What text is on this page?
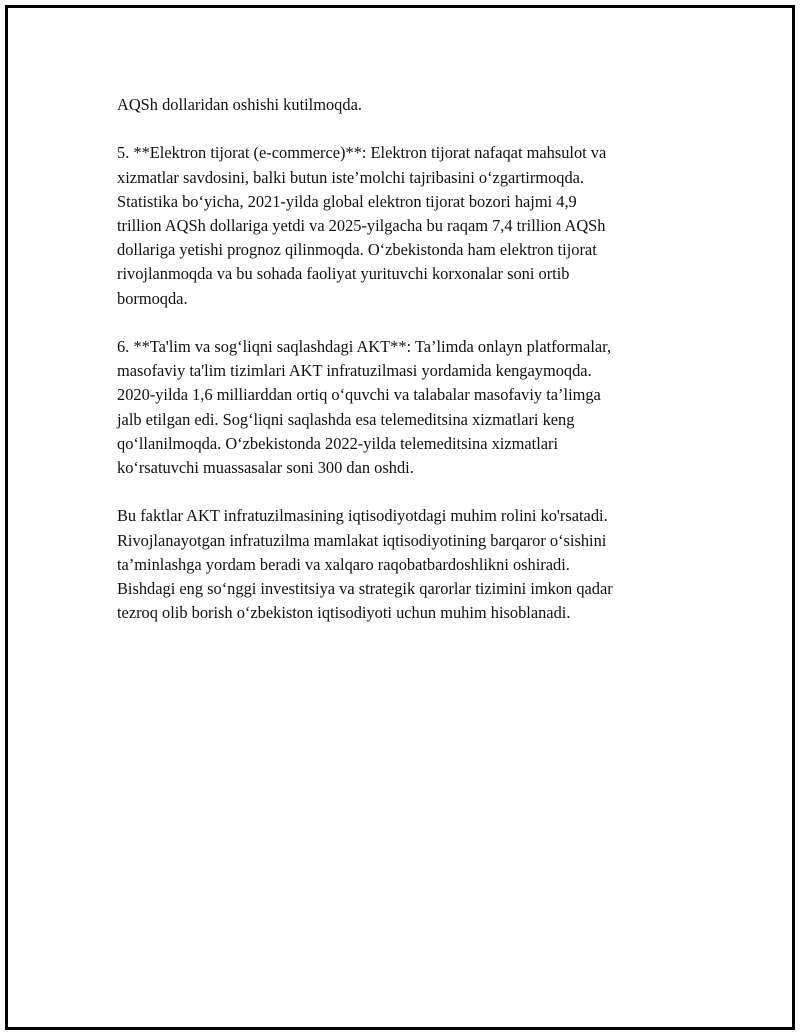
AQSh dollaridan oshishi kutilmoqda.

5. **Elektron tijorat (e-commerce)**: Elektron tijorat nafaqat mahsulot va
xizmatlar savdosini, balki butun iste’molchi tajribasini o‘zgartirmoqda.
Statistika bo‘yicha, 2021-yilda global elektron tijorat bozori hajmi 4,9
trillion AQSh dollariga yetdi va 2025-yilgacha bu raqam 7,4 trillion AQSh
dollariga yetishi prognoz qilinmoqda. O‘zbekistonda ham elektron tijorat
rivojlanmoqda va bu sohada faoliyat yurituvchi korxonalar soni ortib
bormoqda.

6. **Ta'lim va sog‘liqni saqlashdagi AKT**: Ta’limda onlayn platformalar,
masofaviy ta'lim tizimlari AKT infratuzilmasi yordamida kengaymoqda.
2020-yilda 1,6 milliarddan ortiq o‘quvchi va talabalar masofaviy ta’limga
jalb etilgan edi. Sog‘liqni saqlashda esa telemeditsina xizmatlari keng
qo‘llanilmoqda. O‘zbekistonda 2022-yilda telemeditsina xizmatlari
ko‘rsatuvchi muassasalar soni 300 dan oshdi.

Bu faktlar AKT infratuzilmasining iqtisodiyotdagi muhim rolini ko'rsatadi.
Rivojlanayotgan infratuzilma mamlakat iqtisodiyotining barqaror o‘sishini
ta’minlashga yordam beradi va xalqaro raqobatbardoshlikni oshiradi.
Bishdagi eng so‘nggi investitsiya va strategik qarorlar tizimini imkon qadar
tezroq olib borish o‘zbekiston iqtisodiyoti uchun muhim hisoblanadi.
